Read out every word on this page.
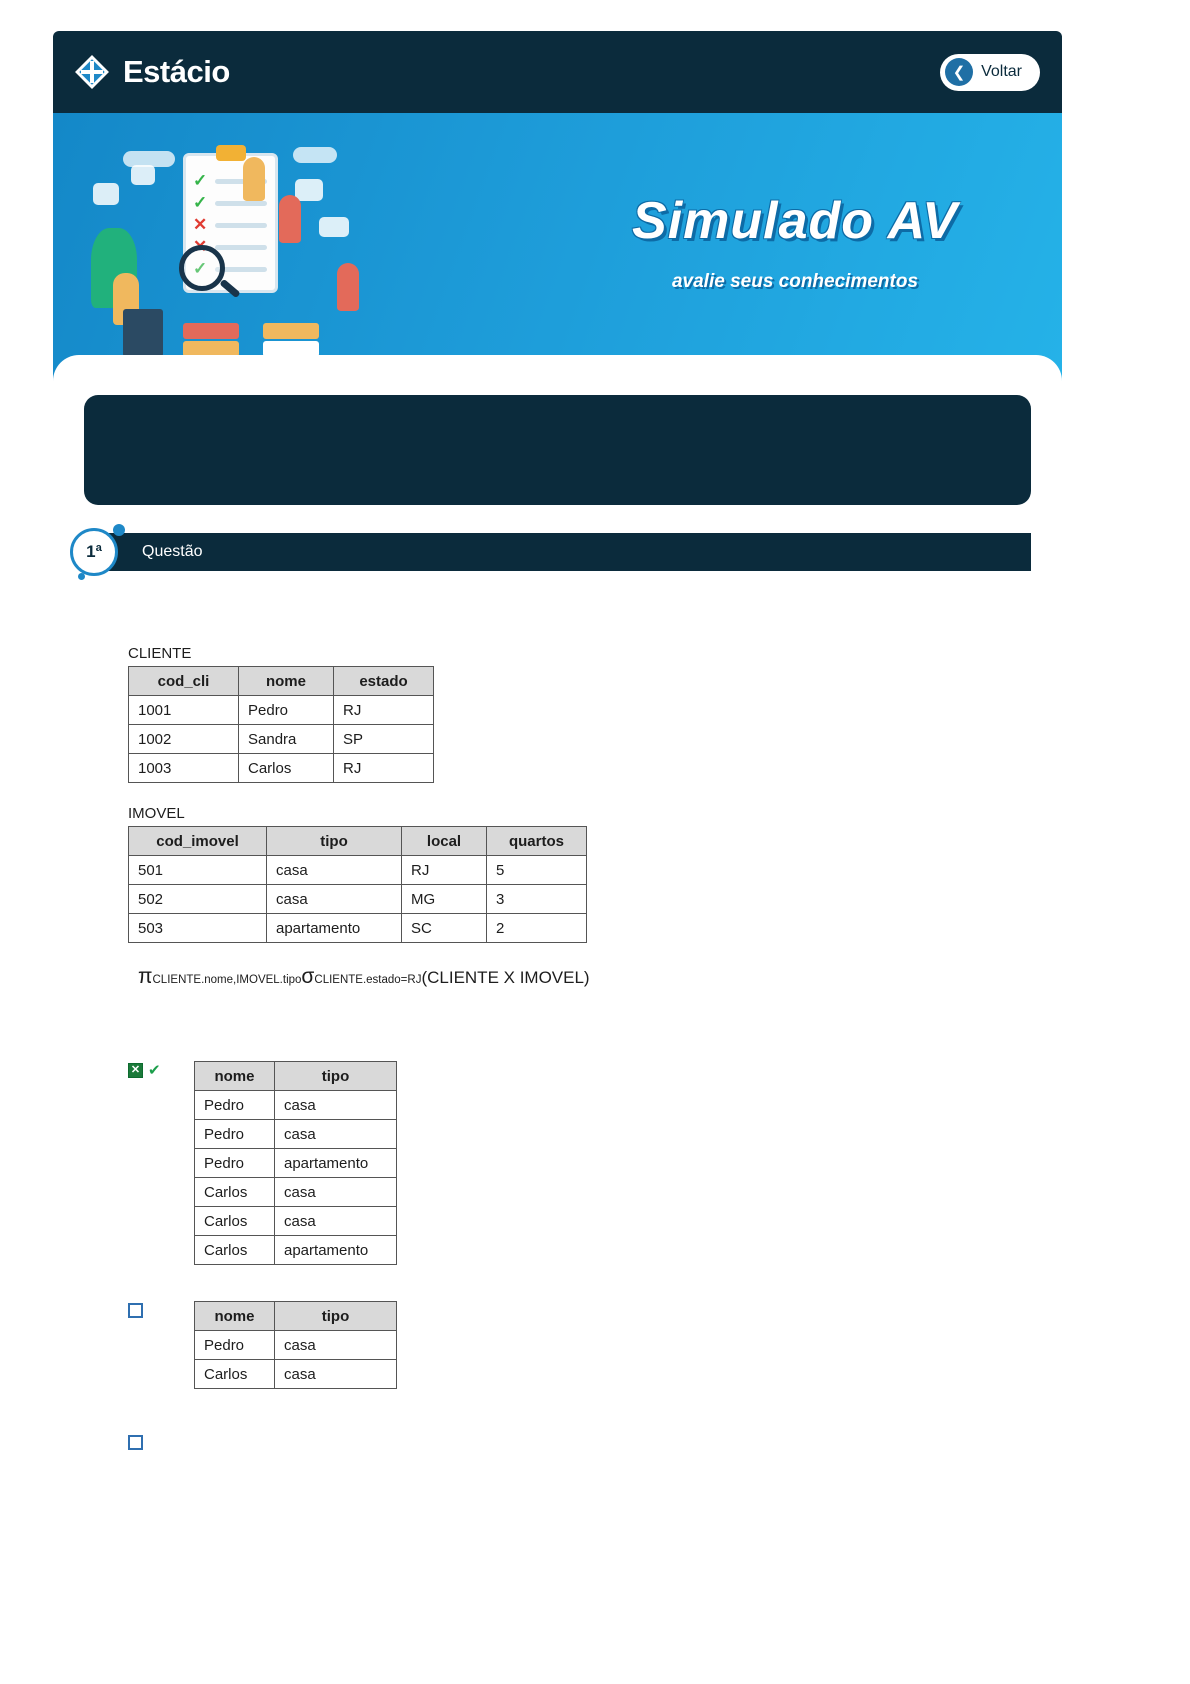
Estácio	❮ Voltar
✓
✓
✕
✕
✓
Simulado AV
avalie seus conhecimentos
Questão
1ª
CLIENTE
cod_cli	nome	estado
1001	Pedro	RJ
1002	Sandra	SP
1003	Carlos	RJ
IMOVEL
cod_imovel	tipo	local	quartos
501	casa	RJ	5
502	casa	MG	3
503	apartamento	SC	2
πCLIENTE.nome,IMOVEL.tipoσCLIENTE.estado=RJ(CLIENTE X IMOVEL)
✕ ✔	nome	tipo
Pedro	casa
Pedro	casa
Pedro	apartamento
Carlos	casa
Carlos	casa
Carlos	apartamento
nome	tipo
Pedro	casa
Carlos	casa
